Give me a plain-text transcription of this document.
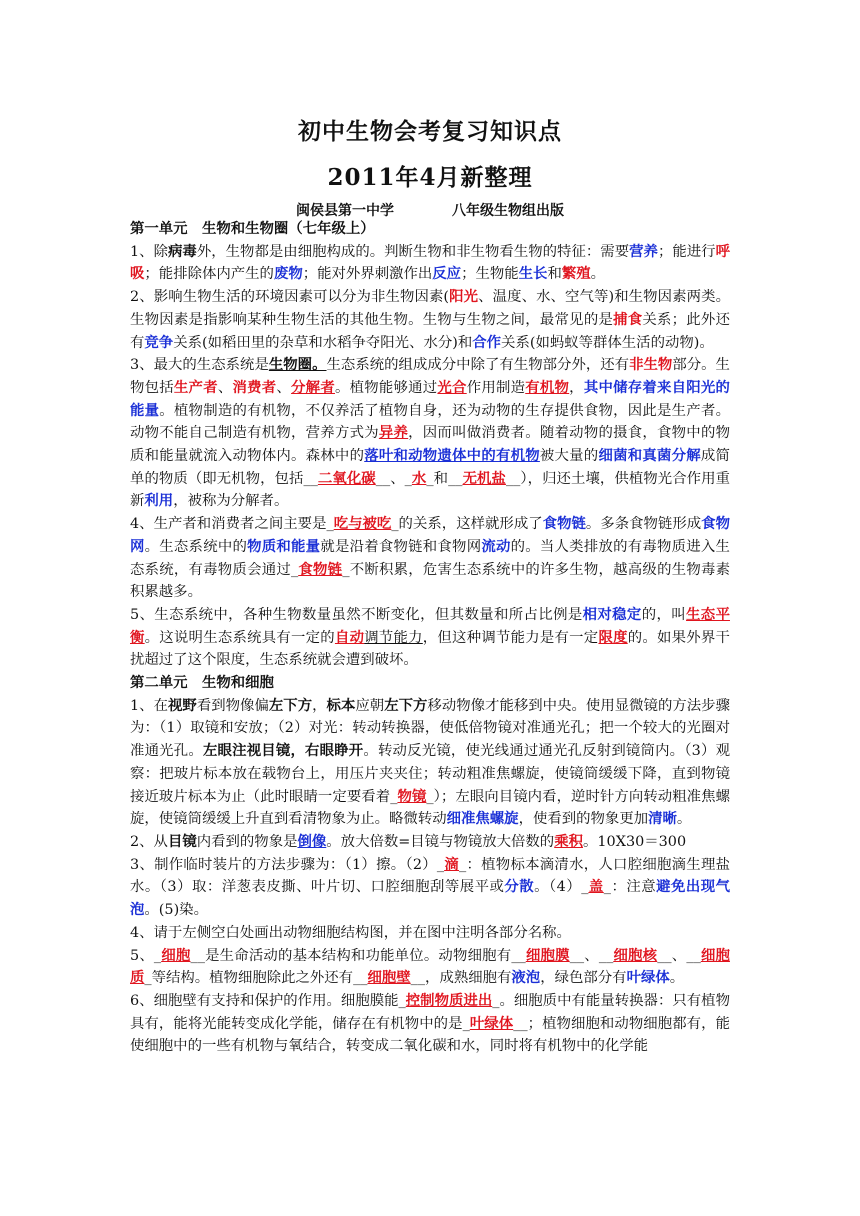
初中生物会考复习知识点
2011年4月新整理
闽侯县第一中学	八年级生物组出版

第一单元　生物和生物圈（七年级上）

1、除病毒外，生物都是由细胞构成的。判断生物和非生物看生物的特征：需要营养；能进行呼吸；能排除体内产生的废物；能对外界刺激作出反应；生物能生长和繁殖。

2、影响生物生活的环境因素可以分为非生物因素(阳光、温度、水、空气等)和生物因素两类。生物因素是指影响某种生物生活的其他生物。生物与生物之间，最常见的是捕食关系；此外还有竞争关系(如稻田里的杂草和水稻争夺阳光、水分)和合作关系(如蚂蚁等群体生活的动物)。

3、最大的生态系统是生物圈。生态系统的组成成分中除了有生物部分外，还有非生物部分。生物包括生产者、消费者、分解者。植物能够通过光合作用制造有机物，其中储存着来自阳光的能量。植物制造的有机物，不仅养活了植物自身，还为动物的生存提供食物，因此是生产者。动物不能自己制造有机物，营养方式为异养，因而叫做消费者。随着动物的摄食，食物中的物质和能量就流入动物体内。森林中的落叶和动物遗体中的有机物被大量的细菌和真菌分解成简单的物质（即无机物，包括__二氧化碳__、_水_和__无机盐__），归还土壤，供植物光合作用重新利用，被称为分解者。

4、生产者和消费者之间主要是_吃与被吃_的关系，这样就形成了食物链。多条食物链形成食物网。生态系统中的物质和能量就是沿着食物链和食物网流动的。当人类排放的有毒物质进入生态系统，有毒物质会通过_食物链_不断积累，危害生态系统中的许多生物，越高级的生物毒素积累越多。

5、生态系统中，各种生物数量虽然不断变化，但其数量和所占比例是相对稳定的，叫生态平衡。这说明生态系统具有一定的自动调节能力，但这种调节能力是有一定限度的。如果外界干扰超过了这个限度，生态系统就会遭到破坏。

第二单元　生物和细胞

1、在视野看到物像偏左下方，标本应朝左下方移动物像才能移到中央。使用显微镜的方法步骤为：（1）取镜和安放；（2）对光：转动转换器，使低倍物镜对准通光孔；把一个较大的光圈对准通光孔。左眼注视目镜，右眼睁开。转动反光镜，使光线通过通光孔反射到镜筒内。（3）观察：把玻片标本放在载物台上，用压片夹夹住；转动粗准焦螺旋，使镜筒缓缓下降，直到物镜接近玻片标本为止（此时眼睛一定要看着_物镜_）；左眼向目镜内看，逆时针方向转动粗准焦螺旋，使镜筒缓缓上升直到看清物象为止。略微转动细准焦螺旋，使看到的物象更加清晰。

2、从目镜内看到的物象是倒像。放大倍数=目镜与物镜放大倍数的乘积。10X30＝300

3、制作临时装片的方法步骤为：（1）擦。（2）_滴_：植物标本滴清水，人口腔细胞滴生理盐水。（3）取：洋葱表皮撕、叶片切、口腔细胞刮等展平或分散。（4）_盖_：注意避免出现气泡。(5)染。

4、请于左侧空白处画出动物细胞结构图，并在图中注明各部分名称。

5、_细胞__是生命活动的基本结构和功能单位。动物细胞有__细胞膜__、__细胞核__、__细胞质_等结构。植物细胞除此之外还有__细胞壁__，成熟细胞有液泡，绿色部分有叶绿体。

6、细胞壁有支持和保护的作用。细胞膜能_控制物质进出_。细胞质中有能量转换器：只有植物具有，能将光能转变成化学能，储存在有机物中的是_叶绿体__；植物细胞和动物细胞都有，能使细胞中的一些有机物与氧结合，转变成二氧化碳和水，同时将有机物中的化学能
